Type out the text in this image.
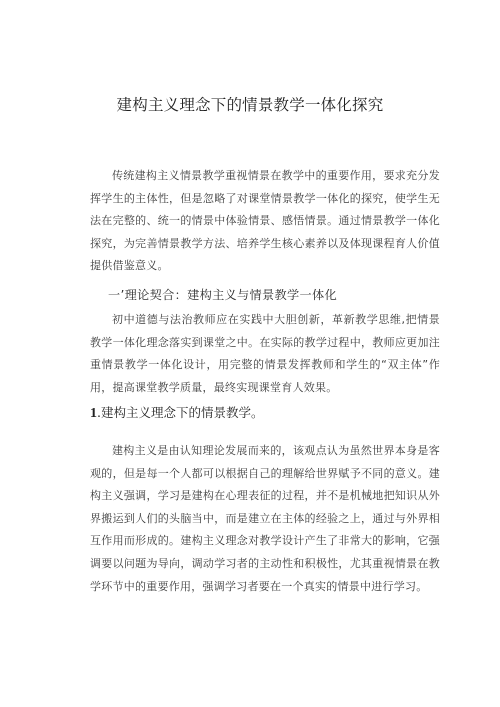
建构主义理念下的情景教学一体化探究
传统建构主义情景教学重视情景在教学中的重要作用，要求充分发挥学生的主体性，但是忽略了对课堂情景教学一体化的探究，使学生无法在完整的、统一的情景中体验情景、感悟情景。通过情景教学一体化探究，为完善情景教学方法、培养学生核心素养以及体现课程育人价值提供借鉴意义。
一’理论契合：建构主义与情景教学一体化
初中道德与法治教师应在实践中大胆创新，革新教学思维,把情景教学一体化理念落实到课堂之中。在实际的教学过程中，教师应更加注重情景教学一体化设计，用完整的情景发挥教师和学生的“双主体”作用，提高课堂教学质量，最终实现课堂育人效果。
1.建构主义理念下的情景教学。
建构主义是由认知理论发展而来的，该观点认为虽然世界本身是客观的，但是每一个人都可以根据自己的理解给世界赋予不同的意义。建构主义强调，学习是建构在心理表征的过程，并不是机械地把知识从外界搬运到人们的头脑当中，而是建立在主体的经验之上，通过与外界相互作用而形成的。建构主义理念对教学设计产生了非常大的影响，它强调要以问题为导向，调动学习者的主动性和积极性，尤其重视情景在教学环节中的重要作用，强调学习者要在一个真实的情景中进行学习。
